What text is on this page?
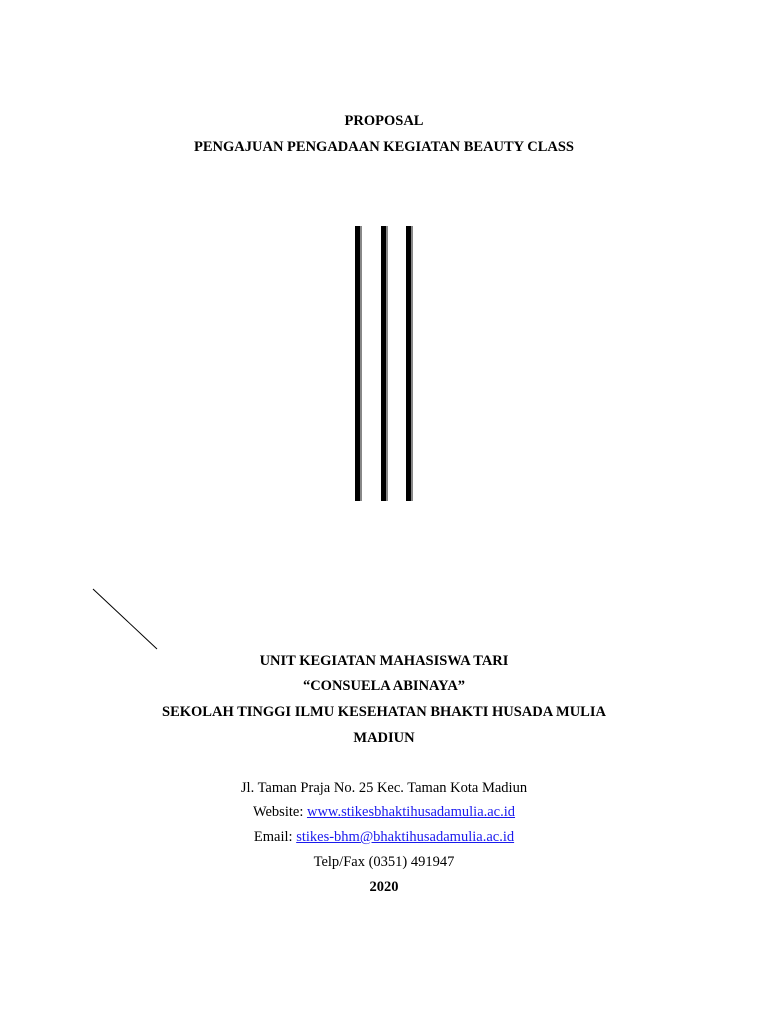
PROPOSAL
PENGAJUAN PENGADAAN KEGIATAN BEAUTY CLASS
UNIT KEGIATAN MAHASISWA TARI
“CONSUELA ABINAYA”
SEKOLAH TINGGI ILMU KESEHATAN BHAKTI HUSADA MULIA
MADIUN
Jl. Taman Praja No. 25 Kec. Taman Kota Madiun
Website: www.stikesbhaktihusadamulia.ac.id
Email: stikes-bhm@bhaktihusadamulia.ac.id
Telp/Fax (0351) 491947
2020
